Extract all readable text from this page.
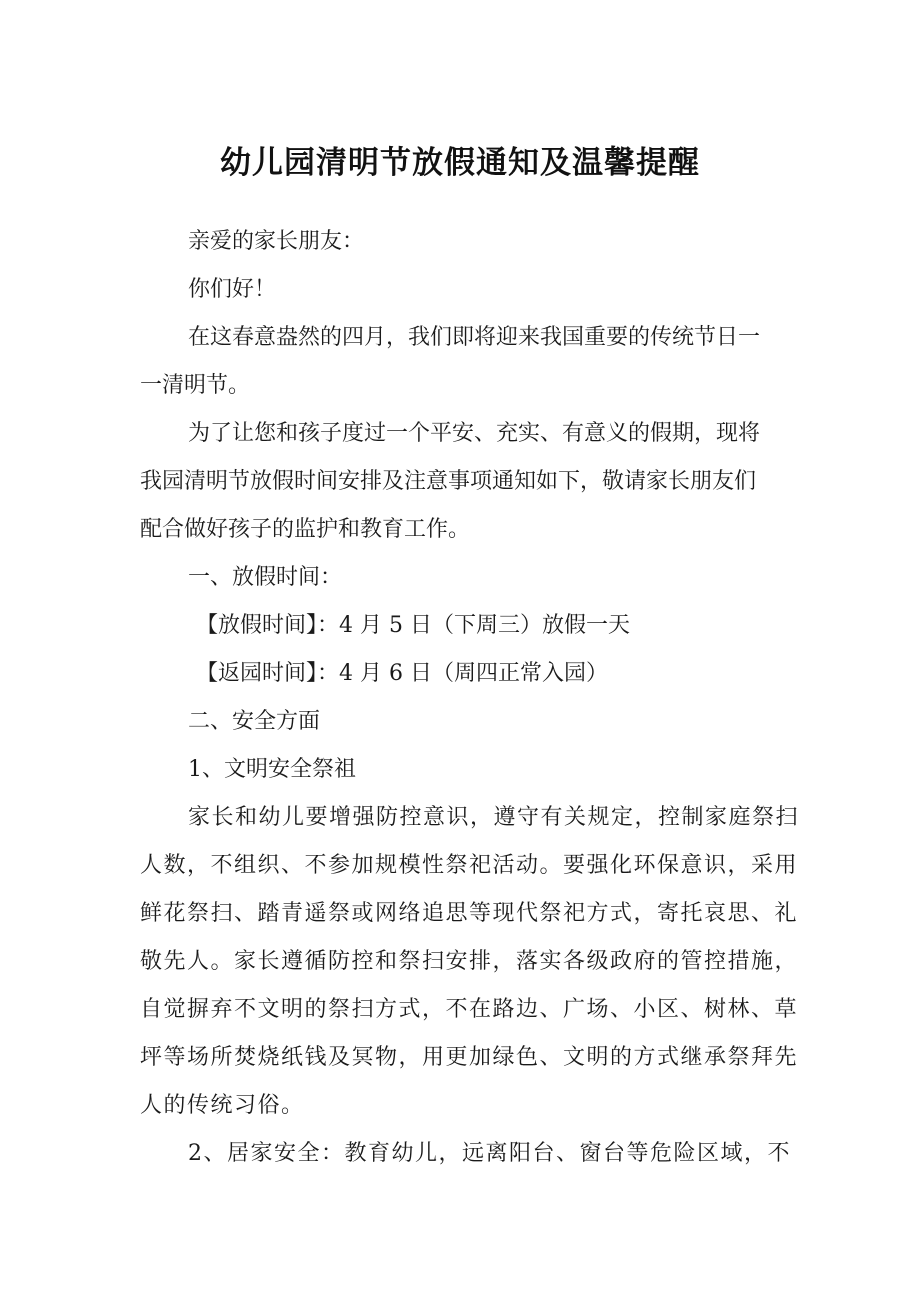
幼儿园清明节放假通知及温馨提醒
亲爱的家长朋友：
你们好！
在这春意盎然的四月，我们即将迎来我国重要的传统节日一
一清明节。
为了让您和孩子度过一个平安、充实、有意义的假期，现将
我园清明节放假时间安排及注意事项通知如下，敬请家长朋友们
配合做好孩子的监护和教育工作。
一、放假时间：
【放假时间】：4 月 5 日（下周三）放假一天
【返园时间】：4 月 6 日（周四正常入园）
二、安全方面
1、文明安全祭祖
家长和幼儿要增强防控意识，遵守有关规定，控制家庭祭扫
人数，不组织、不参加规模性祭祀活动。要强化环保意识，采用
鲜花祭扫、踏青遥祭或网络追思等现代祭祀方式，寄托哀思、礼
敬先人。家长遵循防控和祭扫安排，落实各级政府的管控措施，
自觉摒弃不文明的祭扫方式，不在路边、广场、小区、树林、草
坪等场所焚烧纸钱及冥物，用更加绿色、文明的方式继承祭拜先
人的传统习俗。
2、居家安全：教育幼儿，远离阳台、窗台等危险区域，不
